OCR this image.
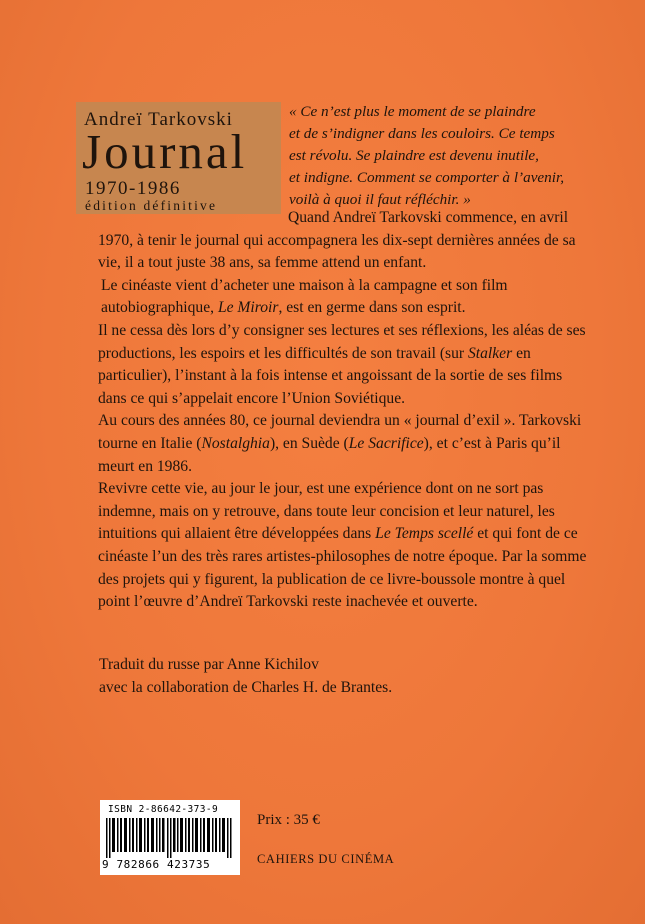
Andreï Tarkovski
Journal
1970-1986
édition définitive
« Ce n’est plus le moment de se plaindre
et de s’indigner dans les couloirs. Ce temps
est révolu. Se plaindre est devenu inutile,
et indigne. Comment se comporter à l’avenir,
voilà à quoi il faut réfléchir. »

Quand Andreï Tarkovski commence, en avril 1970, à tenir le journal qui accompagnera les dix-sept dernières années de sa vie, il a tout juste 38 ans, sa femme attend un enfant.

Le cinéaste vient d’acheter une maison à la campagne et son film autobiographique, Le Miroir, est en germe dans son esprit.

Il ne cessa dès lors d’y consigner ses lectures et ses réflexions, les aléas de ses productions, les espoirs et les difficultés de son travail (sur Stalker en particulier), l’instant à la fois intense et angoissant de la sortie de ses films dans ce qui s’appelait encore l’Union Soviétique.

Au cours des années 80, ce journal deviendra un « journal d’exil ». Tarkovski tourne en Italie (Nostalghia), en Suède (Le Sacrifice), et c’est à Paris qu’il meurt en 1986.

Revivre cette vie, au jour le jour, est une expérience dont on ne sort pas indemne, mais on y retrouve, dans toute leur concision et leur naturel, les intuitions qui allaient être développées dans Le Temps scellé et qui font de ce cinéaste l’un des très rares artistes-philosophes de notre époque. Par la somme des projets qui y figurent, la publication de ce livre-boussole montre à quel point l’œuvre d’Andreï Tarkovski reste inachevée et ouverte.

Traduit du russe par Anne Kichilov
avec la collaboration de Charles H. de Brantes.
ISBN 2-86642-373-9
9 782866 423735
Prix : 35 €
CAHIERS DU CINÉMA
